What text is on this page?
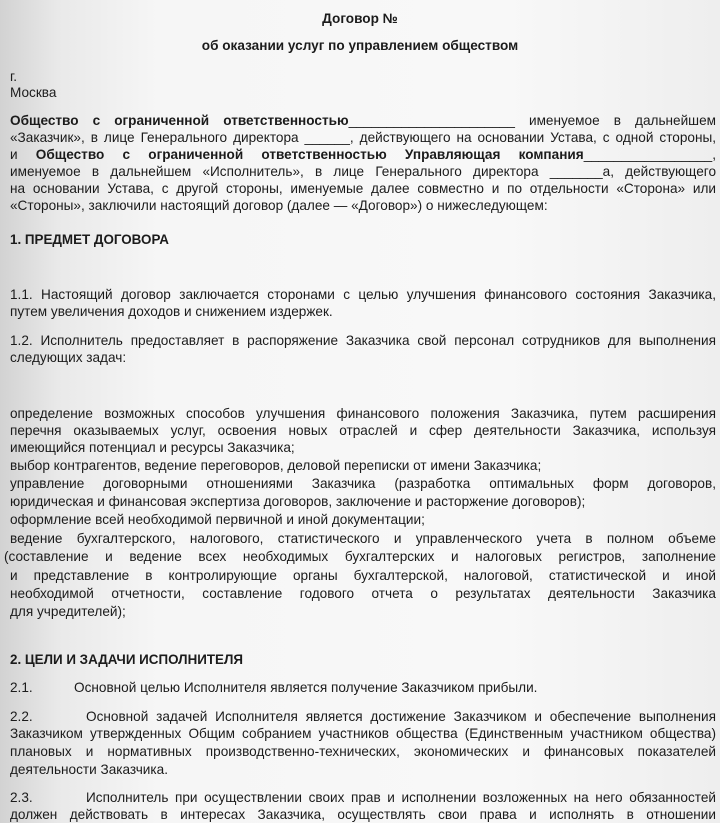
Договор №
об оказании услуг по управлением обществом
г.
Москва
Общество с ограниченной ответственностью______________________ именуемое в дальнейшем
«Заказчик», в лице Генерального директора ______, действующего на основании Устава, с одной стороны,
и Общество с ограниченной ответственностью Управляющая компания_________________,
именуемое в дальнейшем «Исполнитель», в лице Генерального директора _______а, действующего
на основании Устава, с другой стороны, именуемые далее совместно и по отдельности «Сторона» или
«Стороны», заключили настоящий договор (далее — «Договор») о нижеследующем:
1. ПРЕДМЕТ ДОГОВОРА
1.1. Настоящий договор заключается сторонами с целью улучшения финансового состояния Заказчика,
путем увеличения доходов и снижением издержек.
1.2. Исполнитель предоставляет в распоряжение Заказчика свой персонал сотрудников для выполнения
следующих задач:
определение возможных способов улучшения финансового положения Заказчика, путем расширения
перечня оказываемых услуг, освоения новых отраслей и сфер деятельности Заказчика, используя
имеющийся потенциал и ресурсы Заказчика;
выбор контрагентов, ведение переговоров, деловой переписки от имени Заказчика;
управление договорными отношениями Заказчика (разработка оптимальных форм договоров,
юридическая и финансовая экспертиза договоров, заключение и расторжение договоров);
оформление всей необходимой первичной и иной документации;
ведение бухгалтерского, налогового, статистического и управленческого учета в полном объеме
(составление и ведение всех необходимых бухгалтерских и налоговых регистров, заполнение
и представление в контролирующие органы бухгалтерской, налоговой, статистической и иной
необходимой отчетности, составление годового отчета о результатах деятельности Заказчика
для учредителей);
2. ЦЕЛИ И ЗАДАЧИ ИСПОЛНИТЕЛЯ
2.1.	Основной целью Исполнителя является получение Заказчиком прибыли.
2.2.	Основной задачей Исполнителя является достижение Заказчиком и обеспечение выполнения
Заказчиком утвержденных Общим собранием участников общества (Единственным участником общества)
плановых и нормативных производственно-технических, экономических и финансовых показателей
деятельности Заказчика.
2.3.	Исполнитель при осуществлении своих прав и исполнении возложенных на него обязанностей
должен действовать в интересах Заказчика, осуществлять свои права и исполнять в отношении
